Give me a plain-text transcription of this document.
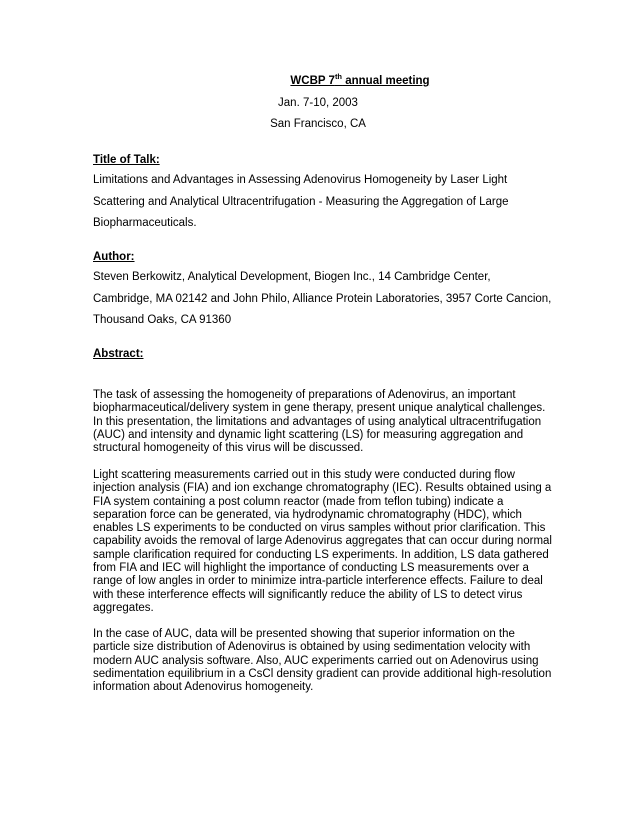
WCBP 7th annual meeting
Jan. 7-10, 2003
San Francisco, CA
Title of Talk:

Limitations and Advantages in Assessing Adenovirus Homogeneity by Laser Light Scattering and Analytical Ultracentrifugation - Measuring the Aggregation of Large Biopharmaceuticals.

Author:

Steven Berkowitz, Analytical Development, Biogen Inc., 14 Cambridge Center, Cambridge, MA 02142 and John Philo, Alliance Protein Laboratories, 3957 Corte Cancion, Thousand Oaks, CA 91360

Abstract:

The task of assessing the homogeneity of preparations of Adenovirus, an important biopharmaceutical/delivery system in gene therapy, present unique analytical challenges. In this presentation, the limitations and advantages of using analytical ultracentrifugation (AUC) and intensity and dynamic light scattering (LS) for measuring aggregation and structural homogeneity of this virus will be discussed.

Light scattering measurements carried out in this study were conducted during flow injection analysis (FIA) and ion exchange chromatography (IEC). Results obtained using a FIA system containing a post column reactor (made from teflon tubing) indicate a separation force can be generated, via hydrodynamic chromatography (HDC), which enables LS experiments to be conducted on virus samples without prior clarification. This capability avoids the removal of large Adenovirus aggregates that can occur during normal sample clarification required for conducting LS experiments. In addition, LS data gathered from FIA and IEC will highlight the importance of conducting LS measurements over a range of low angles in order to minimize intra-particle interference effects. Failure to deal with these interference effects will significantly reduce the ability of LS to detect virus aggregates.

In the case of AUC, data will be presented showing that superior information on the particle size distribution of Adenovirus is obtained by using sedimentation velocity with modern AUC analysis software. Also, AUC experiments carried out on Adenovirus using sedimentation equilibrium in a CsCl density gradient can provide additional high-resolution information about Adenovirus homogeneity.
